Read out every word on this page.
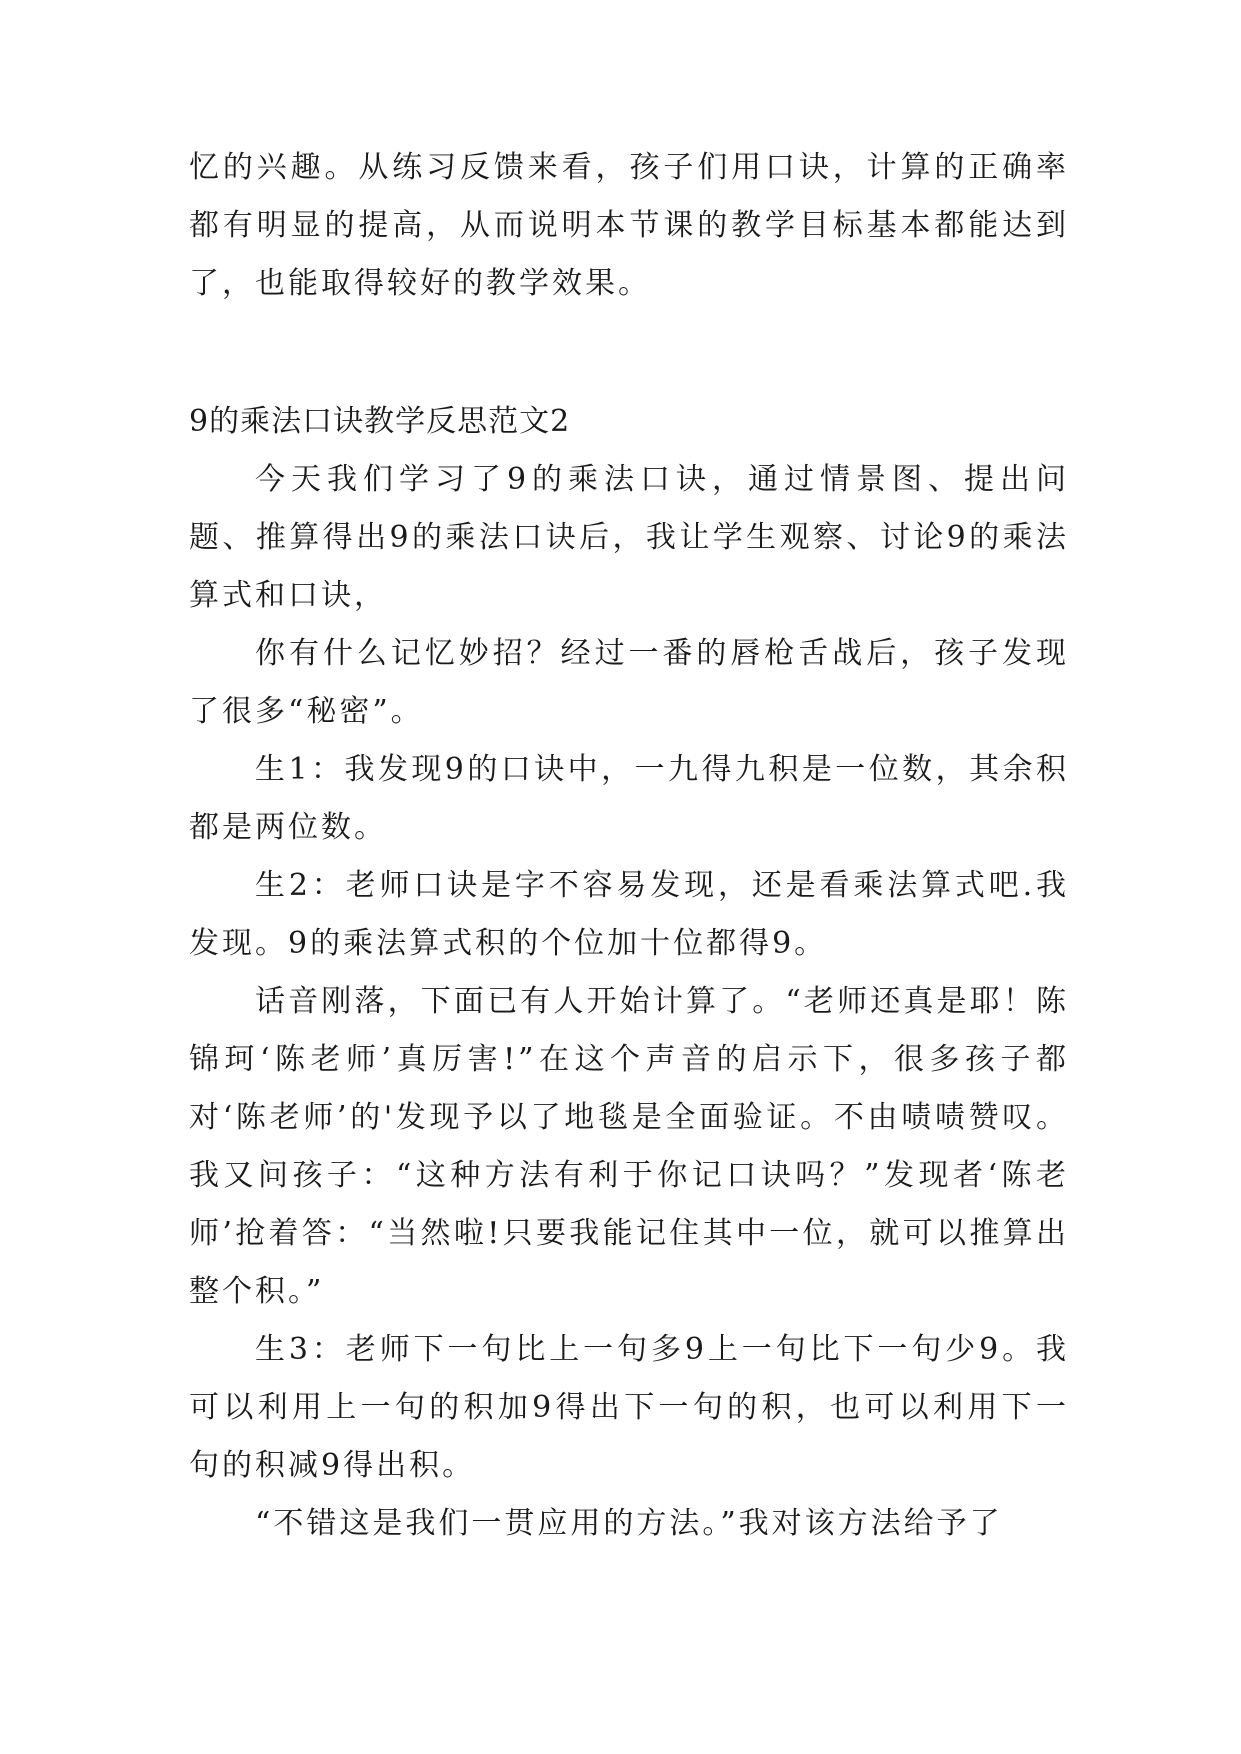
忆的兴趣。从练习反馈来看，孩子们用口诀，计算的正确率都有明显的提高，从而说明本节课的教学目标基本都能达到了，也能取得较好的教学效果。

9的乘法口诀教学反思范文2

今天我们学习了9的乘法口诀，通过情景图、提出问题、推算得出9的乘法口诀后，我让学生观察、讨论9的乘法算式和口诀，

你有什么记忆妙招？经过一番的唇枪舌战后，孩子发现了很多“秘密”。

生1：我发现9的口诀中，一九得九积是一位数，其余积都是两位数。

生2：老师口诀是字不容易发现，还是看乘法算式吧.我发现。9的乘法算式积的个位加十位都得9。

话音刚落，下面已有人开始计算了。“老师还真是耶！陈锦珂‘陈老师’真厉害!”在这个声音的启示下，很多孩子都对‘陈老师’的'发现予以了地毯是全面验证。不由啧啧赞叹。我又问孩子：“这种方法有利于你记口诀吗？”发现者‘陈老师’抢着答：“当然啦!只要我能记住其中一位，就可以推算出整个积。”

生3：老师下一句比上一句多9上一句比下一句少9。我可以利用上一句的积加9得出下一句的积，也可以利用下一句的积减9得出积。

“不错这是我们一贯应用的方法。”我对该方法给予了
